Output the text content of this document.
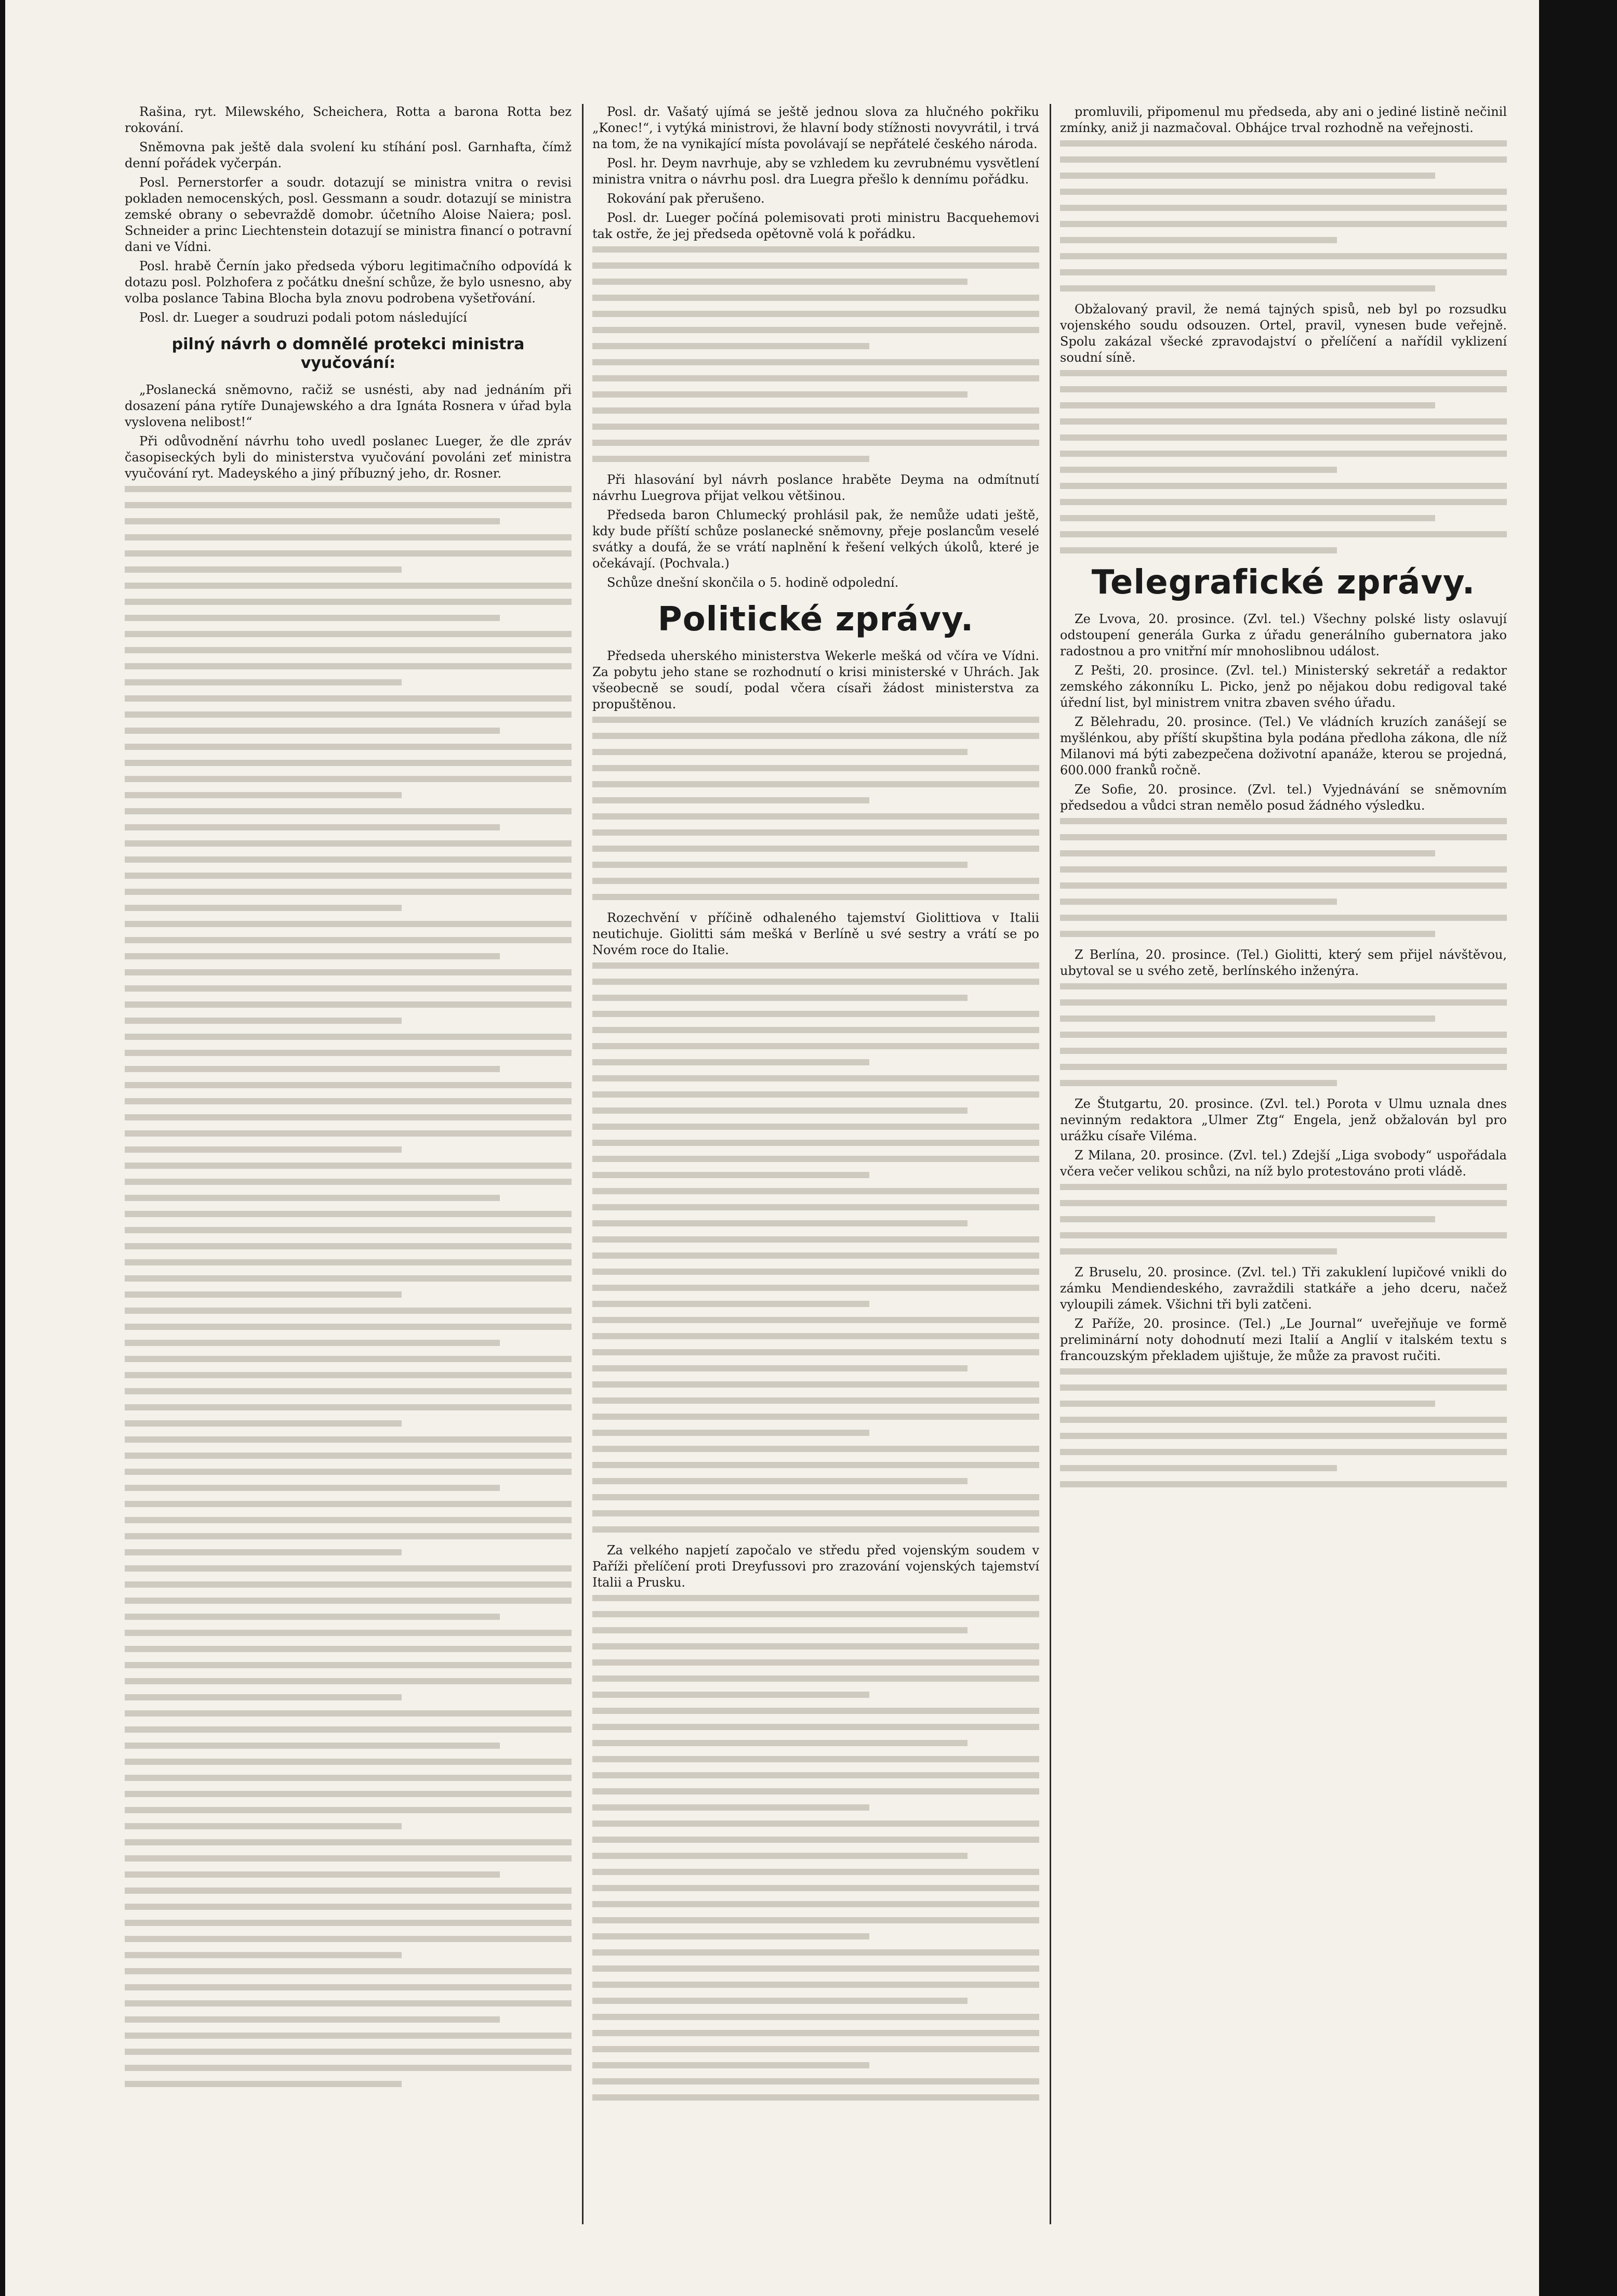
Rašina, ryt. Milewského, Scheichera, Rotta a barona Rotta bez rokování.

Sněmovna pak ještě dala svolení ku stíhání posl. Garnhafta, čímž denní pořádek vyčerpán.

Posl. Pernerstorfer a soudr. dotazují se ministra vnitra o revisi pokladen nemocenských, posl. Gessmann a soudr. dotazují se ministra zemské obrany o sebevraždě domobr. účetního Aloise Naiera; posl. Schneider a princ Liechtenstein dotazují se ministra financí o potravní dani ve Vídni.

Posl. hrabě Černín jako předseda výboru legitimačního odpovídá k dotazu posl. Polzhofera z počátku dnešní schůze, že bylo usnesno, aby volba poslance Tabina Blocha byla znovu podrobena vyšetřování.

Posl. dr. Lueger a soudruzi podali potom následující

pilný návrh o domnělé protekci ministra vyučování:

„Poslanecká sněmovno, račiž se usnésti, aby nad jednáním při dosazení pána rytíře Dunajewského a dra Ignáta Rosnera v úřad byla vyslovena nelibost!“

Při odůvodnění návrhu toho uvedl poslanec Lueger, že dle zpráv časopiseckých byli do ministerstva vyučování povoláni zeť ministra vyučování ryt. Madeyského a jiný příbuzný jeho, dr. Rosner.

Posl. dr. Vašatý ujímá se ještě jednou slova za hlučného pokřiku „Konec!“, i vytýká ministrovi, že hlavní body stížnosti novyvrátil, i trvá na tom, že na vynikající místa povolávají se nepřátelé českého národa.

Posl. hr. Deym navrhuje, aby se vzhledem ku zevrubnému vysvětlení ministra vnitra o návrhu posl. dra Luegra přešlo k dennímu pořádku.

Rokování pak přerušeno.

Posl. dr. Lueger počíná polemisovati proti ministru Bacquehemovi tak ostře, že jej předseda opětovně volá k pořádku.

Při hlasování byl návrh poslance hraběte Deyma na odmítnutí návrhu Luegrova přijat velkou většinou.

Předseda baron Chlumecký prohlásil pak, že nemůže udati ještě, kdy bude příští schůze poslanecké sněmovny, přeje poslancům veselé svátky a doufá, že se vrátí naplnění k řešení velkých úkolů, které je očekávají. (Pochvala.)

Schůze dnešní skončila o 5. hodině odpolední.

Politické zprávy.

Předseda uherského ministerstva Wekerle mešká od včíra ve Vídni. Za pobytu jeho stane se rozhodnutí o krisi ministerské v Uhrách. Jak všeobecně se soudí, podal včera císaři žádost ministerstva za propuštěnou.

Rozechvění v příčině odhaleného tajemství Giolittiova v Italii neutichuje. Giolitti sám mešká v Berlíně u své sestry a vrátí se po Novém roce do Italie.

Za velkého napjetí započalo ve středu před vojenským soudem v Paříži přelíčení proti Dreyfussovi pro zrazování vojenských tajemství Italii a Prusku.

promluvili, připomenul mu předseda, aby ani o jediné listině nečinil zmínky, aniž ji nazmačoval. Obhájce trval rozhodně na veřejnosti.

Obžalovaný pravil, že nemá tajných spisů, neb byl po rozsudku vojenského soudu odsouzen. Ortel, pravil, vynesen bude veřejně. Spolu zakázal všecké zpravodajství o přelíčení a nařídil vyklizení soudní síně.

Telegrafické zprávy.

Ze Lvova, 20. prosince. (Zvl. tel.) Všechny polské listy oslavují odstoupení generála Gurka z úřadu generálního gubernatora jako radostnou a pro vnitřní mír mnohoslibnou událost.

Z Pešti, 20. prosince. (Zvl. tel.) Ministerský sekretář a redaktor zemského zákonníku L. Picko, jenž po nějakou dobu redigoval také úřední list, byl ministrem vnitra zbaven svého úřadu.

Z Bělehradu, 20. prosince. (Tel.) Ve vládních kruzích zanášejí se myšlénkou, aby příští skupština byla podána předloha zákona, dle níž Milanovi má býti zabezpečena doživotní apanáže, kterou se projedná, 600.000 franků ročně.

Ze Sofie, 20. prosince. (Zvl. tel.) Vyjednávání se sněmovním předsedou a vůdci stran nemělo posud žádného výsledku.

Z Berlína, 20. prosince. (Tel.) Giolitti, který sem přijel návštěvou, ubytoval se u svého zetě, berlínského inženýra.

Ze Štutgartu, 20. prosince. (Zvl. tel.) Porota v Ulmu uznala dnes nevinným redaktora „Ulmer Ztg“ Engela, jenž obžalován byl pro urážku císaře Viléma.

Z Milana, 20. prosince. (Zvl. tel.) Zdejší „Liga svobody“ uspořádala včera večer velikou schůzi, na níž bylo protestováno proti vládě.

Z Bruselu, 20. prosince. (Zvl. tel.) Tři zakuklení lupičové vnikli do zámku Mendiendeského, zavraždili statkáře a jeho dceru, načež vyloupili zámek. Všichni tři byli zatčeni.

Z Paříže, 20. prosince. (Tel.) „Le Journal“ uveřejňuje ve formě preliminární noty dohodnutí mezi Italií a Anglií v italském textu s francouzským překladem ujištuje, že může za pravost ručiti.
